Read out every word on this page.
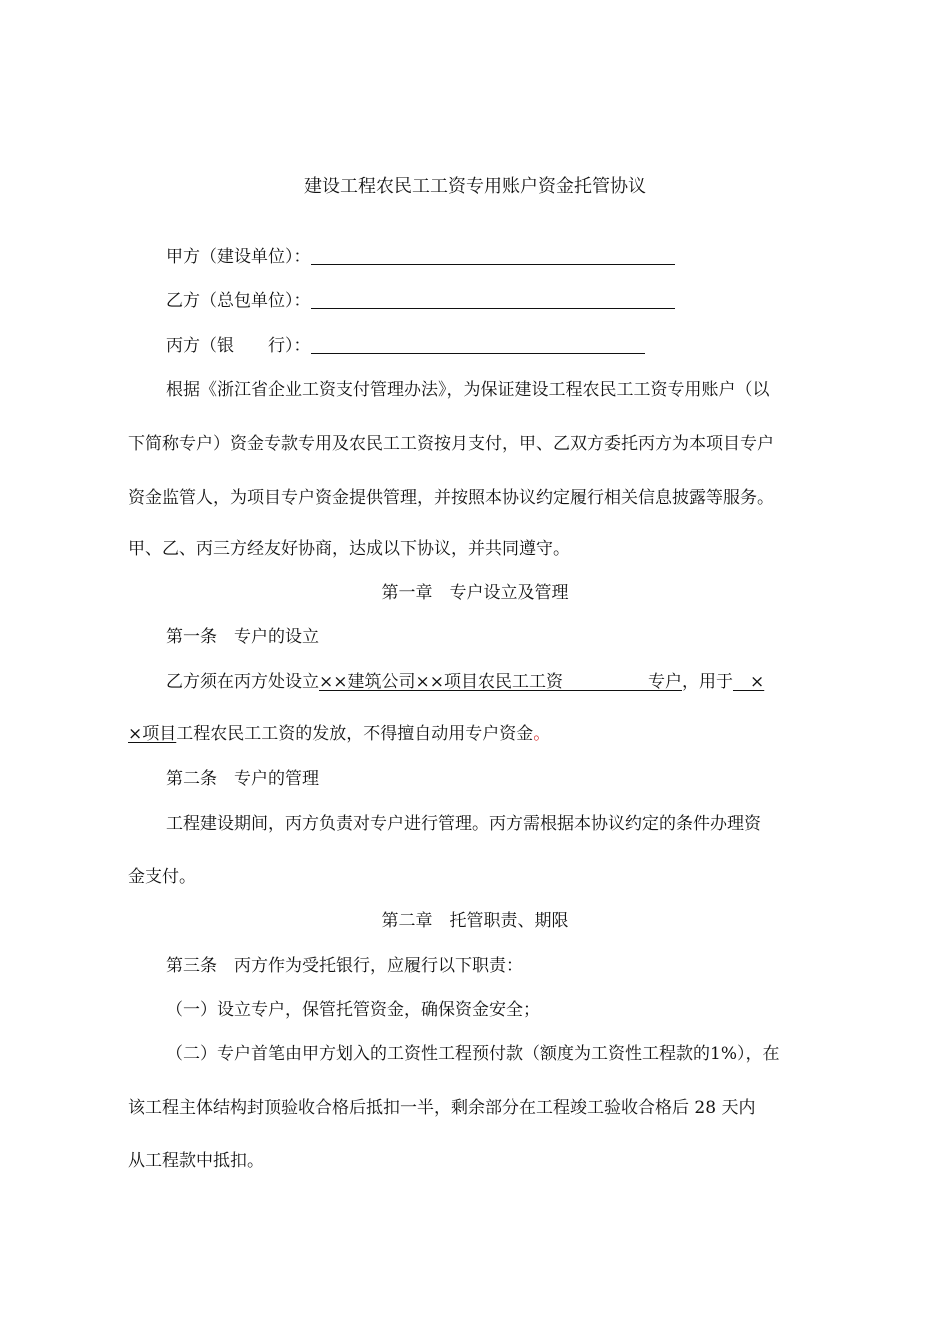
建设工程农民工工资专用账户资金托管协议
甲方（建设单位）：
乙方（总包单位）：
丙方（银　　行）：
根据《浙江省企业工资支付管理办法》，为保证建设工程农民工工资专用账户（以
下简称专户）资金专款专用及农民工工资按月支付，甲、乙双方委托丙方为本项目专户
资金监管人，为项目专户资金提供管理，并按照本协议约定履行相关信息披露等服务。
甲、乙、丙三方经友好协商，达成以下协议，并共同遵守。
第一章　专户设立及管理
第一条　专户的设立
乙方须在丙方处设立××建筑公司××项目农民工工资　　　　　专户，用于　×
×项目工程农民工工资的发放，不得擅自动用专户资金。
第二条　专户的管理
工程建设期间，丙方负责对专户进行管理。丙方需根据本协议约定的条件办理资
金支付。
第二章　托管职责、期限
第三条　丙方作为受托银行，应履行以下职责：
（一）设立专户，保管托管资金，确保资金安全；
（二）专户首笔由甲方划入的工资性工程预付款（额度为工资性工程款的1%），在
该工程主体结构封顶验收合格后抵扣一半，剩余部分在工程竣工验收合格后 28 天内
从工程款中抵扣。
